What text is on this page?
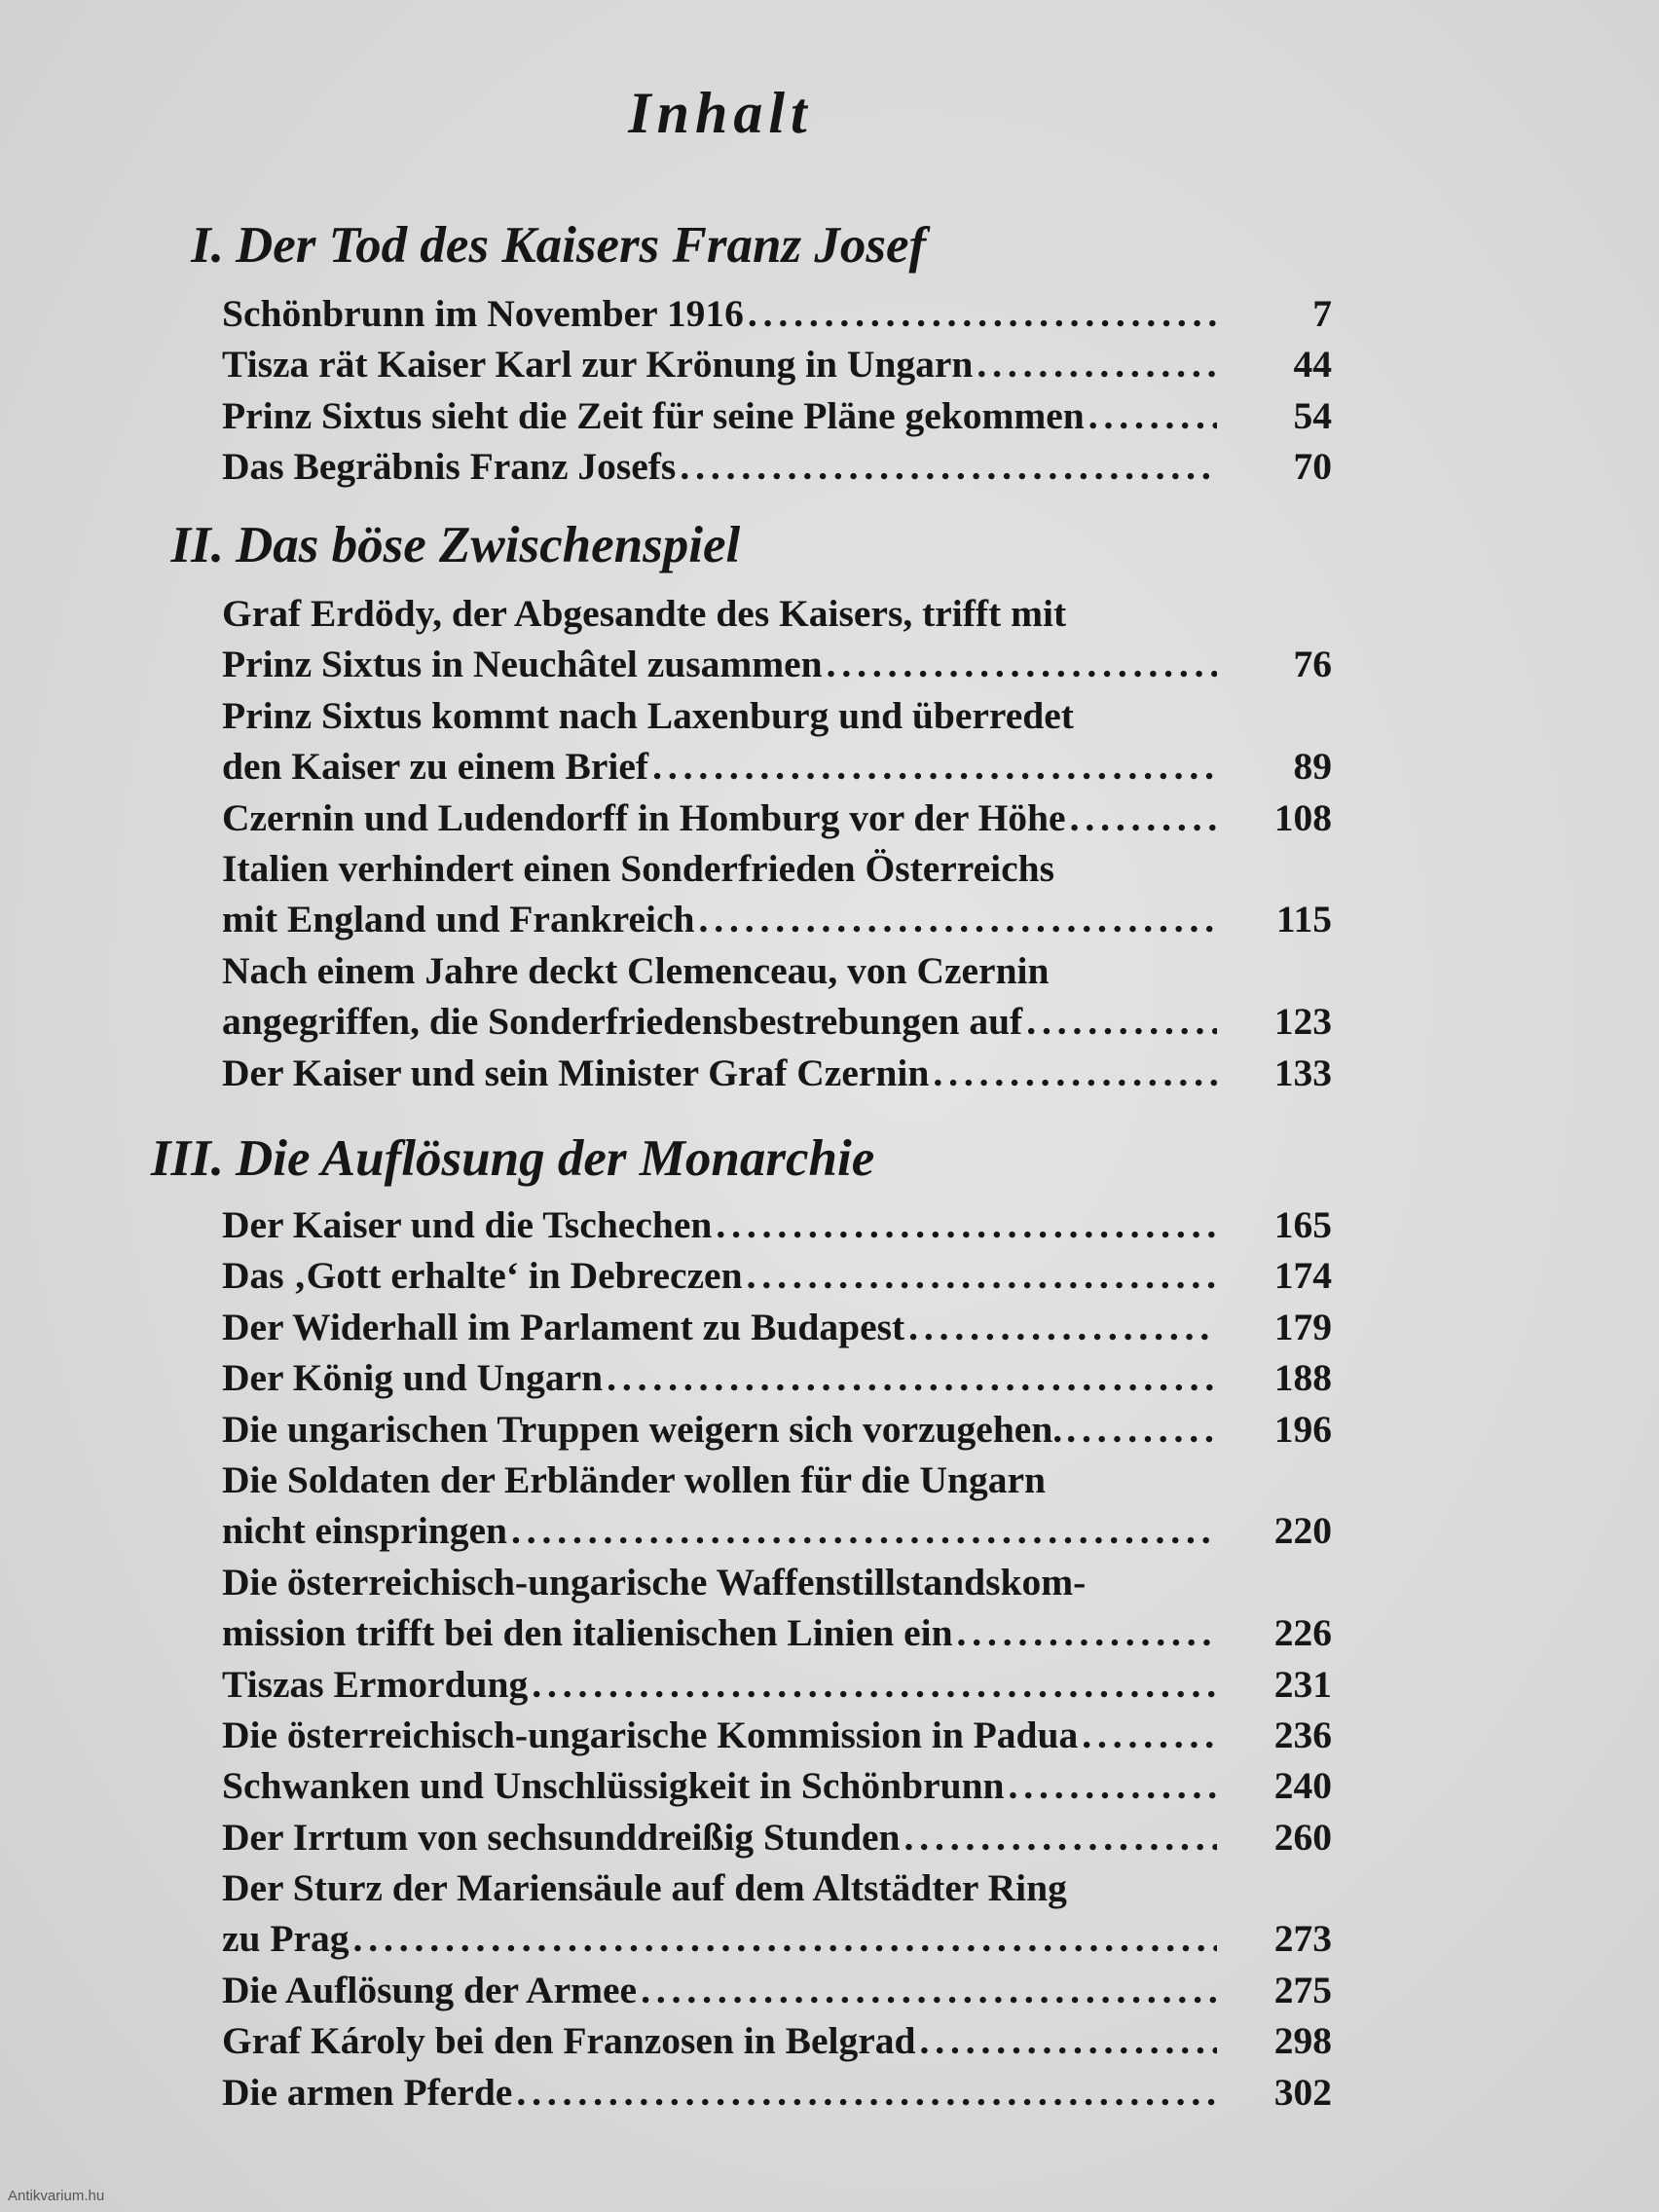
Inhalt
I. Der Tod des Kaisers Franz Josef
Schönbrunn im November 1916 . . .	7
Tisza rät Kaiser Karl zur Krönung in Ungarn . . .	44
Prinz Sixtus sieht die Zeit für seine Pläne gekommen . . .	54
Das Begräbnis Franz Josefs . . .	70
II. Das böse Zwischenspiel
Graf Erdödy, der Abgesandte des Kaisers, trifft mit
Prinz Sixtus in Neuchâtel zusammen . . .	76
Prinz Sixtus kommt nach Laxenburg und überredet
den Kaiser zu einem Brief . . .	89
Czernin und Ludendorff in Homburg vor der Höhe . . .	108
Italien verhindert einen Sonderfrieden Österreichs
mit England und Frankreich . . .	115
Nach einem Jahre deckt Clemenceau, von Czernin
angegriffen, die Sonderfriedensbestrebungen auf . . .	123
Der Kaiser und sein Minister Graf Czernin . . .	133
III. Die Auflösung der Monarchie
Der Kaiser und die Tschechen . . .	165
Das ‚Gott erhalte‘ in Debreczen . . .	174
Der Widerhall im Parlament zu Budapest . . .	179
Der König und Ungarn . . .	188
Die ungarischen Truppen weigern sich vorzugehen. . . .	196
Die Soldaten der Erbländer wollen für die Ungarn
nicht einspringen . . .	220
Die österreichisch-ungarische Waffenstillstandskom-
mission trifft bei den italienischen Linien ein . . .	226
Tiszas Ermordung . . .	231
Die österreichisch-ungarische Kommission in Padua . . .	236
Schwanken und Unschlüssigkeit in Schönbrunn . . .	240
Der Irrtum von sechsunddreißig Stunden . . .	260
Der Sturz der Mariensäule auf dem Altstädter Ring
zu Prag . . .	273
Die Auflösung der Armee . . .	275
Graf Károly bei den Franzosen in Belgrad . . .	298
Die armen Pferde . . .	302
Antikvarium.hu
